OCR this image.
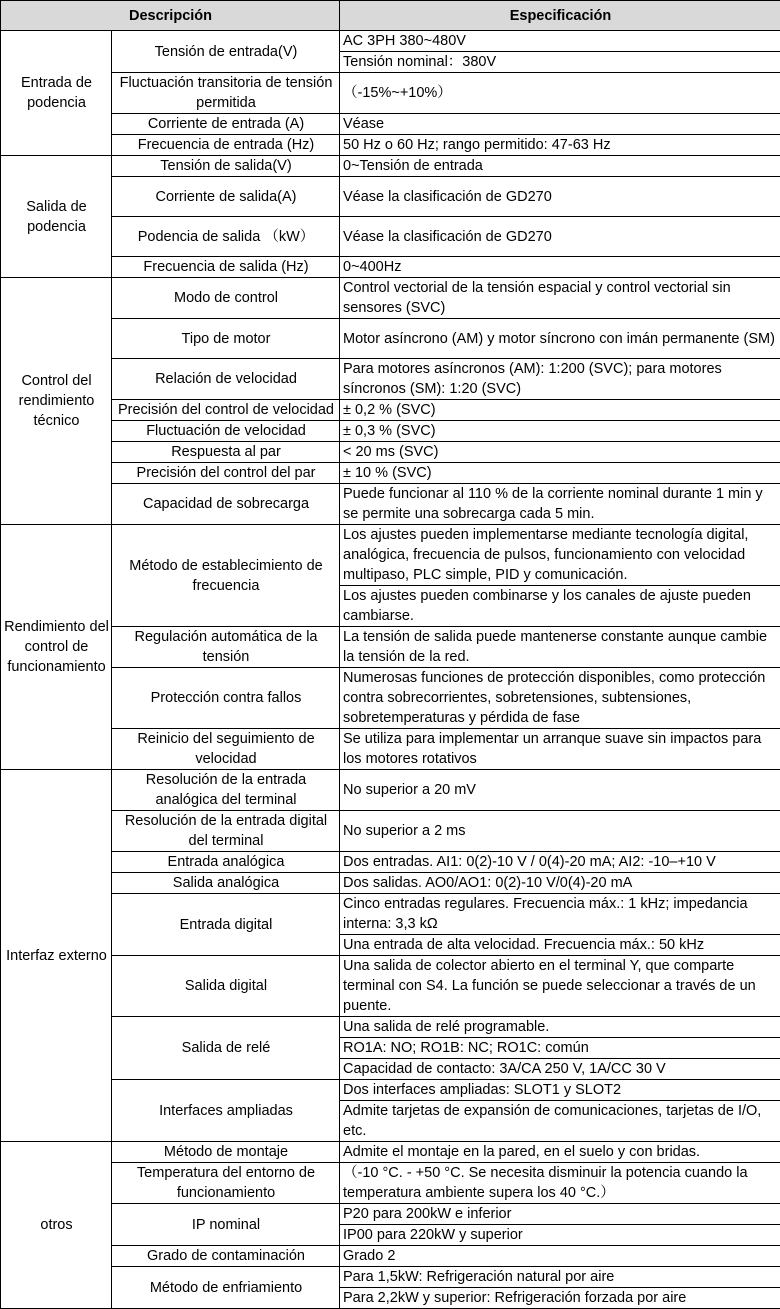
Descripción		Especificación
Entrada de podencia	Tensión de entrada(V)	AC 3PH 380~480V
		Tensión nominal：380V
	Fluctuación transitoria de tensión permitida	（-15%~+10%）
	Corriente de entrada (A)	Véase
	Frecuencia de entrada (Hz)	50 Hz o 60 Hz; rango permitido: 47-63 Hz
Salida de podencia	Tensión de salida(V)	0~Tensión de entrada
	Corriente de salida(A)	Véase la clasificación de GD270
	Podencia de salida （kW）	Véase la clasificación de GD270
	Frecuencia de salida (Hz)	0~400Hz
Control del rendimiento técnico	Modo de control	Control vectorial de la tensión espacial y control vectorial sin sensores (SVC)
	Tipo de motor	Motor asíncrono (AM) y motor síncrono con imán permanente (SM)
	Relación de velocidad	Para motores asíncronos (AM): 1:200 (SVC); para motores síncronos (SM): 1:20 (SVC)
	Precisión del control de velocidad	± 0,2 % (SVC)
	Fluctuación de velocidad	± 0,3 % (SVC)
	Respuesta al par	< 20 ms (SVC)
	Precisión del control del par	± 10 % (SVC)
	Capacidad de sobrecarga	Puede funcionar al 110 % de la corriente nominal durante 1 min y se permite una sobrecarga cada 5 min.
Rendimiento del control de funcionamiento	Método de establecimiento de frecuencia	Los ajustes pueden implementarse mediante tecnología digital, analógica, frecuencia de pulsos, funcionamiento con velocidad multipaso, PLC simple, PID y comunicación.
		Los ajustes pueden combinarse y los canales de ajuste pueden cambiarse.
	Regulación automática de la tensión	La tensión de salida puede mantenerse constante aunque cambie la tensión de la red.
	Protección contra fallos	Numerosas funciones de protección disponibles, como protección contra sobrecorrientes, sobretensiones, subtensiones, sobretemperaturas y pérdida de fase
	Reinicio del seguimiento de velocidad	Se utiliza para implementar un arranque suave sin impactos para los motores rotativos
Interfaz externo	Resolución de la entrada analógica del terminal	No superior a 20 mV
	Resolución de la entrada digital del terminal	No superior a 2 ms
	Entrada analógica	Dos entradas. AI1: 0(2)-10 V / 0(4)-20 mA; AI2: -10–+10 V
	Salida analógica	Dos salidas. AO0/AO1: 0(2)-10 V/0(4)-20 mA
	Entrada digital	Cinco entradas regulares. Frecuencia máx.: 1 kHz; impedancia interna: 3,3 kΩ
		Una entrada de alta velocidad. Frecuencia máx.: 50 kHz
	Salida digital	Una salida de colector abierto en el terminal Y, que comparte terminal con S4. La función se puede seleccionar a través de un puente.
	Salida de relé	Una salida de relé programable.
		RO1A: NO; RO1B: NC; RO1C: común
		Capacidad de contacto: 3A/CA 250 V, 1A/CC 30 V
	Interfaces ampliadas	Dos interfaces ampliadas: SLOT1 y SLOT2
		Admite tarjetas de expansión de comunicaciones, tarjetas de I/O, etc.
otros	Método de montaje	Admite el montaje en la pared, en el suelo y con bridas.
	Temperatura del entorno de funcionamiento	（-10 °C. - +50 °C. Se necesita disminuir la potencia cuando la temperatura ambiente supera los 40 °C.）
	IP nominal	P20 para 200kW e inferior
		IP00 para 220kW y superior
	Grado de contaminación	Grado 2
	Método de enfriamiento	Para 1,5kW: Refrigeración natural por aire
		Para 2,2kW y superior: Refrigeración forzada por aire
